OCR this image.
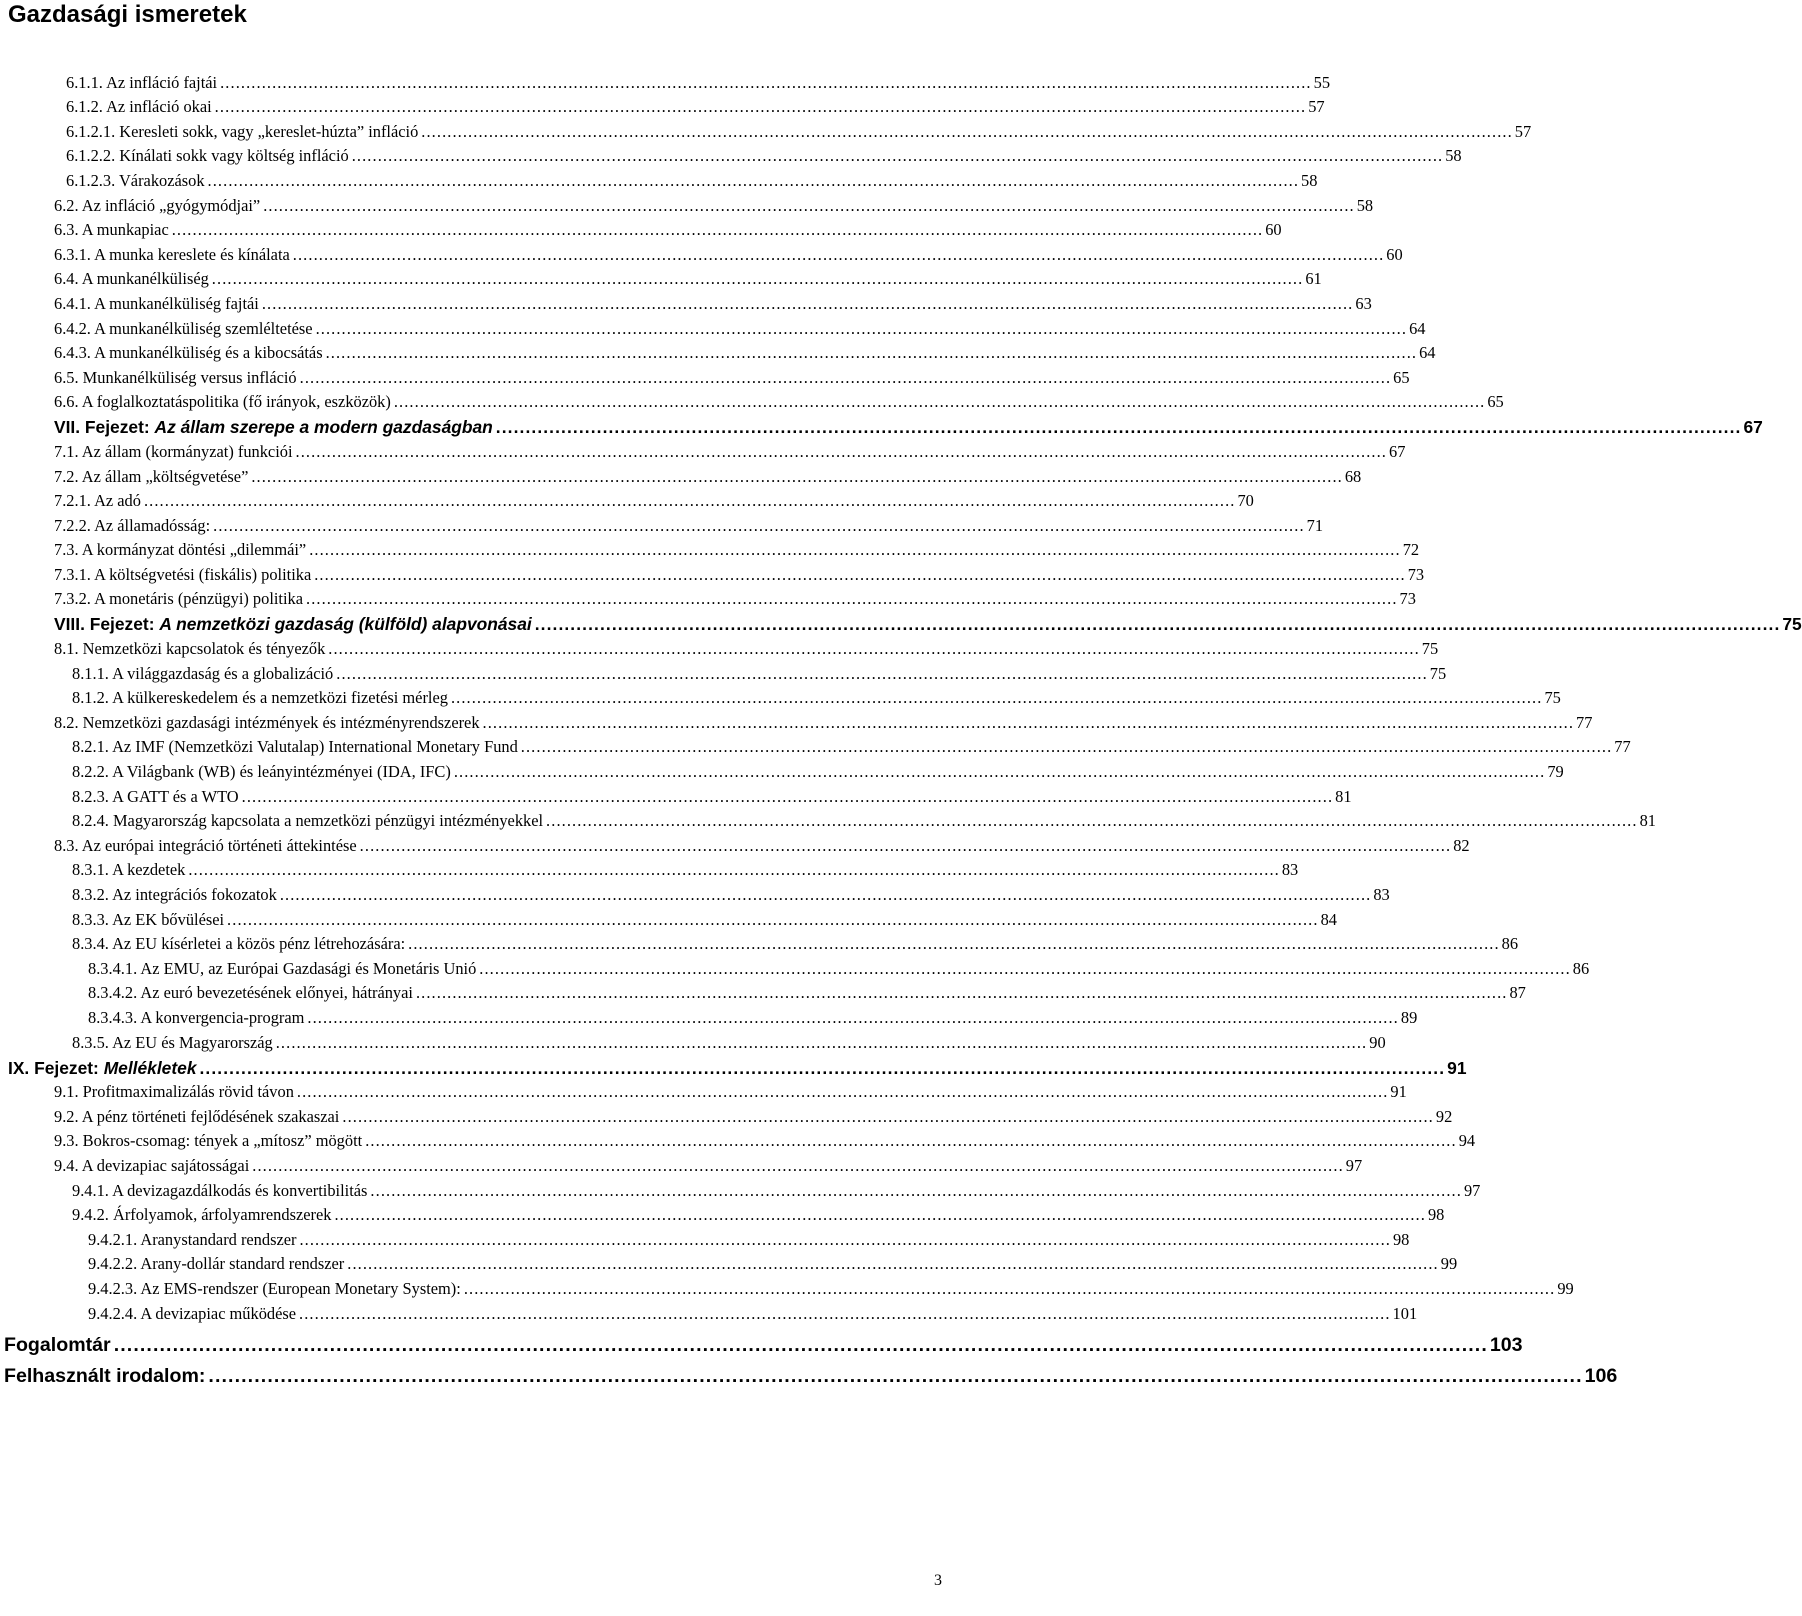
Gazdasági ismeretek
6.1.1. Az infláció fajtái .................................................................................................................................................................................................................. 55
6.1.2. Az infláció okai .................................................................................................................................................................................................................. 57
6.1.2.1. Keresleti sokk, vagy „kereslet-húzta” infláció .................................................................................................................................................................................................................. 57
6.1.2.2. Kínálati sokk vagy költség infláció .................................................................................................................................................................................................................. 58
6.1.2.3. Várakozások .................................................................................................................................................................................................................. 58
6.2. Az infláció „gyógymódjai” .................................................................................................................................................................................................................. 58
6.3. A munkapiac .................................................................................................................................................................................................................. 60
6.3.1. A munka kereslete és kínálata .................................................................................................................................................................................................................. 60
6.4. A munkanélküliség .................................................................................................................................................................................................................. 61
6.4.1. A munkanélküliség fajtái .................................................................................................................................................................................................................. 63
6.4.2. A munkanélküliség szemléltetése .................................................................................................................................................................................................................. 64
6.4.3. A munkanélküliség és a kibocsátás .................................................................................................................................................................................................................. 64
6.5. Munkanélküliség versus infláció .................................................................................................................................................................................................................. 65
6.6. A foglalkoztatáspolitika (fő irányok, eszközök) .................................................................................................................................................................................................................. 65
VII. Fejezet: Az állam szerepe a modern gazdaságban .................................................................................................................................................................................................................. 67
7.1. Az állam (kormányzat) funkciói .................................................................................................................................................................................................................. 67
7.2. Az állam „költségvetése” .................................................................................................................................................................................................................. 68
7.2.1. Az adó .................................................................................................................................................................................................................. 70
7.2.2. Az államadósság: .................................................................................................................................................................................................................. 71
7.3. A kormányzat döntési „dilemmái” .................................................................................................................................................................................................................. 72
7.3.1. A költségvetési (fiskális) politika .................................................................................................................................................................................................................. 73
7.3.2. A monetáris (pénzügyi) politika .................................................................................................................................................................................................................. 73
VIII. Fejezet: A nemzetközi gazdaság (külföld) alapvonásai .................................................................................................................................................................................................................. 75
8.1. Nemzetközi kapcsolatok és tényezők .................................................................................................................................................................................................................. 75
8.1.1. A világgazdaság és a globalizáció .................................................................................................................................................................................................................. 75
8.1.2. A külkereskedelem és a nemzetközi fizetési mérleg .................................................................................................................................................................................................................. 75
8.2. Nemzetközi gazdasági intézmények és intézményrendszerek .................................................................................................................................................................................................................. 77
8.2.1. Az IMF (Nemzetközi Valutalap) International Monetary Fund .................................................................................................................................................................................................................. 77
8.2.2. A Világbank (WB) és leányintézményei (IDA, IFC) .................................................................................................................................................................................................................. 79
8.2.3. A GATT és a WTO .................................................................................................................................................................................................................. 81
8.2.4. Magyarország kapcsolata a nemzetközi pénzügyi intézményekkel .................................................................................................................................................................................................................. 81
8.3. Az európai integráció történeti áttekintése .................................................................................................................................................................................................................. 82
8.3.1. A kezdetek .................................................................................................................................................................................................................. 83
8.3.2. Az integrációs fokozatok .................................................................................................................................................................................................................. 83
8.3.3. Az EK bővülései .................................................................................................................................................................................................................. 84
8.3.4. Az EU kísérletei a közös pénz létrehozására: .................................................................................................................................................................................................................. 86
8.3.4.1. Az EMU, az Európai Gazdasági és Monetáris Unió .................................................................................................................................................................................................................. 86
8.3.4.2. Az euró bevezetésének előnyei, hátrányai .................................................................................................................................................................................................................. 87
8.3.4.3. A konvergencia-program .................................................................................................................................................................................................................. 89
8.3.5. Az EU és Magyarország .................................................................................................................................................................................................................. 90
IX. Fejezet: Mellékletek .................................................................................................................................................................................................................. 91
9.1. Profitmaximalizálás rövid távon .................................................................................................................................................................................................................. 91
9.2. A pénz történeti fejlődésének szakaszai .................................................................................................................................................................................................................. 92
9.3. Bokros-csomag: tények a „mítosz” mögött .................................................................................................................................................................................................................. 94
9.4. A devizapiac sajátosságai .................................................................................................................................................................................................................. 97
9.4.1. A devizagazdálkodás és konvertibilitás .................................................................................................................................................................................................................. 97
9.4.2. Árfolyamok, árfolyamrendszerek .................................................................................................................................................................................................................. 98
9.4.2.1. Aranystandard rendszer .................................................................................................................................................................................................................. 98
9.4.2.2. Arany-dollár standard rendszer .................................................................................................................................................................................................................. 99
9.4.2.3. Az EMS-rendszer (European Monetary System): .................................................................................................................................................................................................................. 99
9.4.2.4. A devizapiac működése .................................................................................................................................................................................................................. 101
Fogalomtár .................................................................................................................................................................................................................. 103
Felhasznált irodalom: .................................................................................................................................................................................................................. 106
3
